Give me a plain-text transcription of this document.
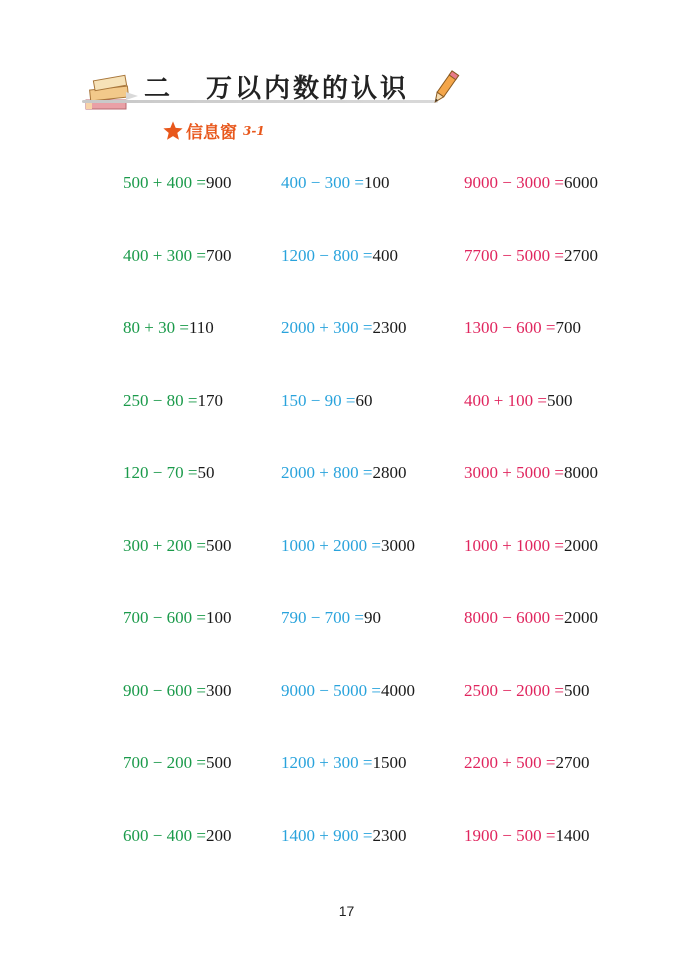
二 万以内数的认识
信息窗 3-1
500 + 400 =900	400 − 300 =100	9000 − 3000 =6000
400 + 300 =700	1200 − 800 =400	7700 − 5000 =2700
80 + 30 =110	2000 + 300 =2300	1300 − 600 =700
250 − 80 =170	150 − 90 =60	400 + 100 =500
120 − 70 =50	2000 + 800 =2800	3000 + 5000 =8000
300 + 200 =500	1000 + 2000 =3000	1000 + 1000 =2000
700 − 600 =100	790 − 700 =90	8000 − 6000 =2000
900 − 600 =300	9000 − 5000 =4000	2500 − 2000 =500
700 − 200 =500	1200 + 300 =1500	2200 + 500 =2700
600 − 400 =200	1400 + 900 =2300	1900 − 500 =1400
17
